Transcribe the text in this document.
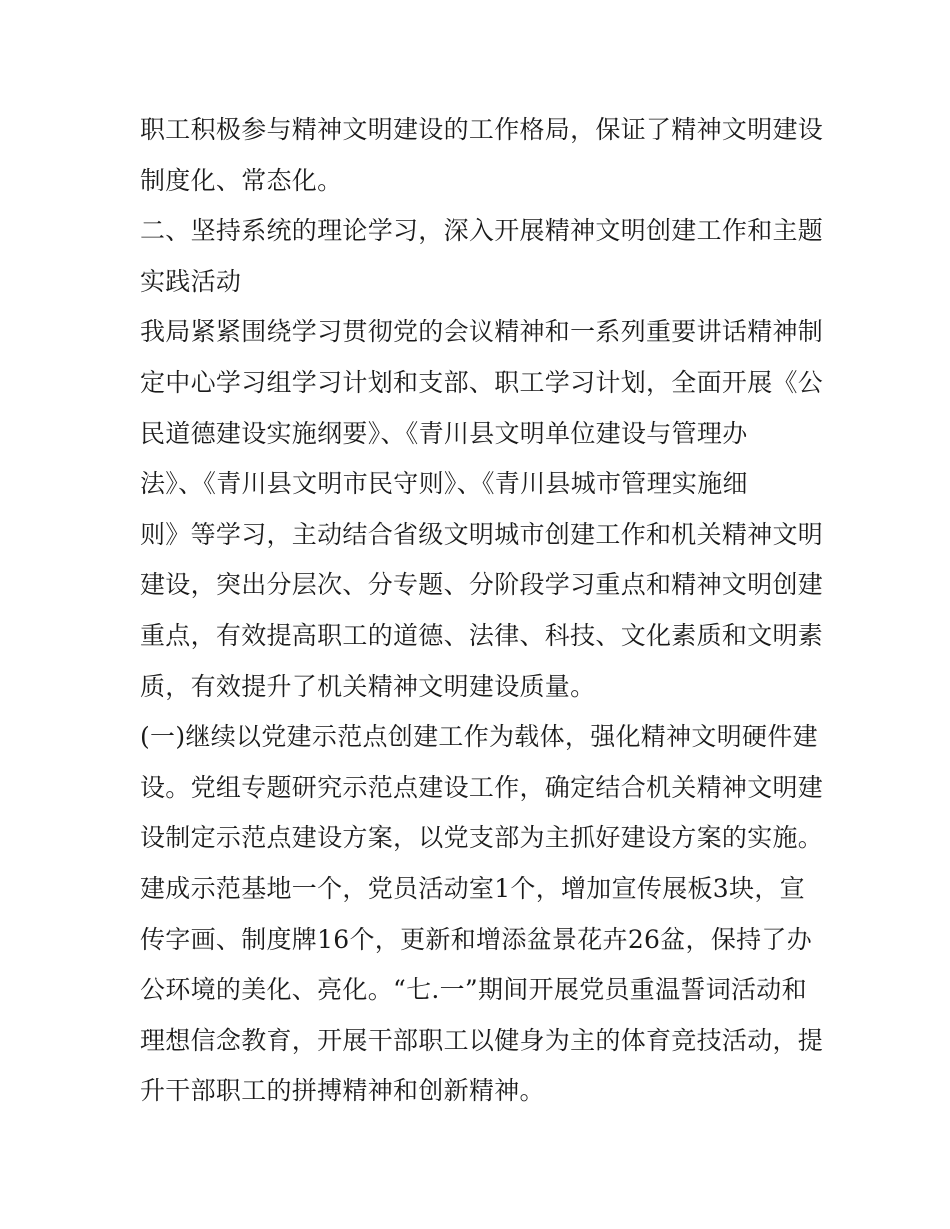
职工积极参与精神文明建设的工作格局，保证了精神文明建设
制度化、常态化。
二、坚持系统的理论学习，深入开展精神文明创建工作和主题
实践活动
我局紧紧围绕学习贯彻党的会议精神和一系列重要讲话精神制
定中心学习组学习计划和支部、职工学习计划，全面开展《公
民道德建设实施纲要》、《青川县文明单位建设与管理办
法》、《青川县文明市民守则》、《青川县城市管理实施细
则》等学习，主动结合省级文明城市创建工作和机关精神文明
建设，突出分层次、分专题、分阶段学习重点和精神文明创建
重点，有效提高职工的道德、法律、科技、文化素质和文明素
质，有效提升了机关精神文明建设质量。
(一)继续以党建示范点创建工作为载体，强化精神文明硬件建
设。党组专题研究示范点建设工作，确定结合机关精神文明建
设制定示范点建设方案，以党支部为主抓好建设方案的实施。
建成示范基地一个，党员活动室1个，增加宣传展板3块，宣
传字画、制度牌16个，更新和增添盆景花卉26盆，保持了办
公环境的美化、亮化。“七.一”期间开展党员重温誓词活动和
理想信念教育，开展干部职工以健身为主的体育竞技活动，提
升干部职工的拼搏精神和创新精神。
